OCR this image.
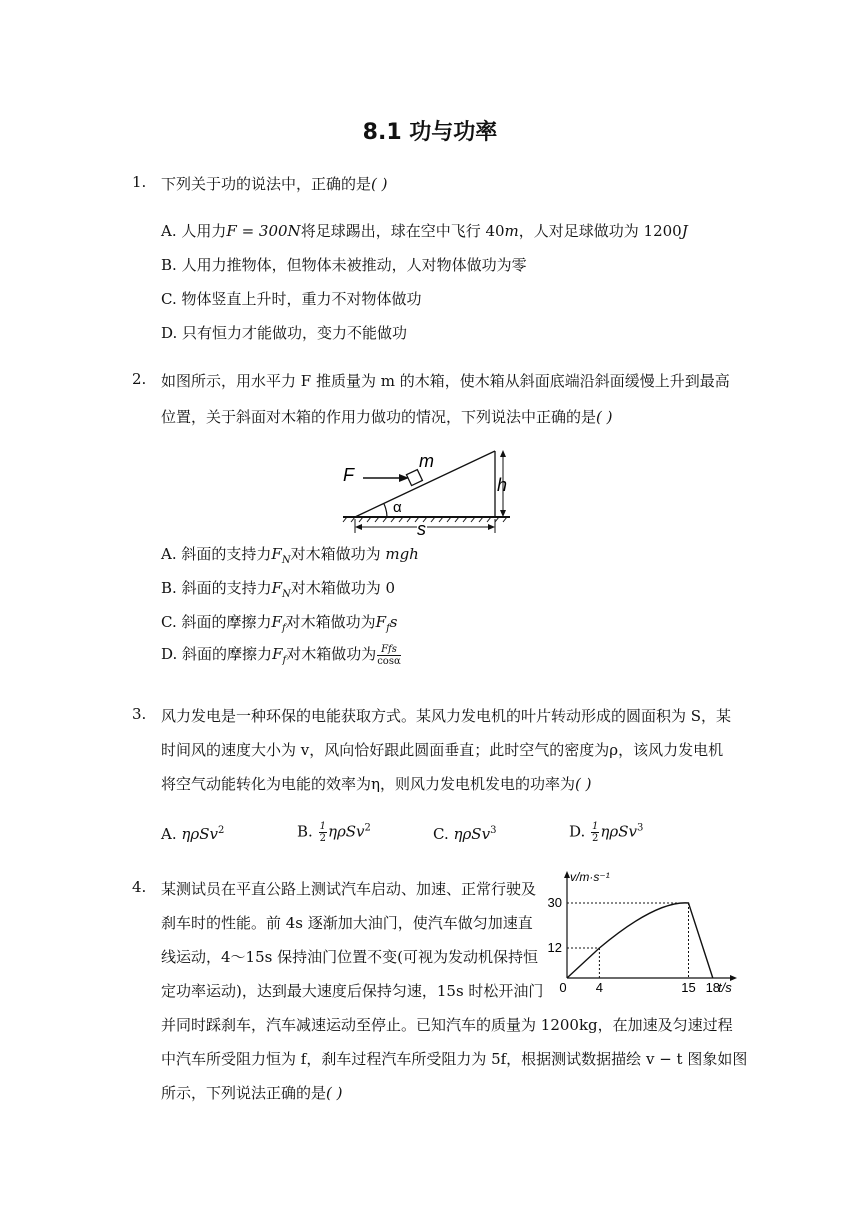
8.1 功与功率
1. 下列关于功的说法中，正确的是( )
A. 人用力F = 300N将足球踢出，球在空中飞行 40m，人对足球做功为 1200J
B. 人用力推物体，但物体未被推动，人对物体做功为零
C. 物体竖直上升时，重力不对物体做功
D. 只有恒力才能做功，变力不能做功
2. 如图所示，用水平力 F 推质量为 m 的木箱，使木箱从斜面底端沿斜面缓慢上升到最高
位置，关于斜面对木箱的作用力做功的情况，下列说法中正确的是( )
F
m
α
h
s
A. 斜面的支持力$F_N$对木箱做功为 mgh
B. 斜面的支持力$F_N$对木箱做功为 0
C. 斜面的摩擦力$F_f$对木箱做功为$F_fs$
D. 斜面的摩擦力$F_f$对木箱做功为 $\frac{\text{Ffs}}{\cos\alpha}$
3. 风力发电是一种环保的电能获取方式。某风力发电机的叶片转动形成的圆面积为 S，某
时间风的速度大小为 v，风向恰好跟此圆面垂直；此时空气的密度为ρ，该风力发电机
将空气动能转化为电能的效率为η，则风力发电机发电的功率为( )
A. ηρSv$^2$	B. $\frac{1}{2} \eta\rho Sv^2$	C. ηρSv$^3$	D. $\frac{1}{2} \eta\rho Sv^3$
4. 某测试员在平直公路上测试汽车启动、加速、正常行驶及
刹车时的性能。前 4s 逐渐加大油门，使汽车做匀加速直
线运动，4～15s 保持油门位置不变(可视为发动机保持恒
定功率运动)，达到最大速度后保持匀速，15s 时松开油门
并同时踩刹车，汽车减速运动至停止。已知汽车的质量为 1200kg，在加速及匀速过程
中汽车所受阻力恒为 f，刹车过程汽车所受阻力为 5f，根据测试数据描绘 v − t 图象如图
所示，下列说法正确的是( )
0 4	15 18
12
30
v/m·s⁻¹
t/s
